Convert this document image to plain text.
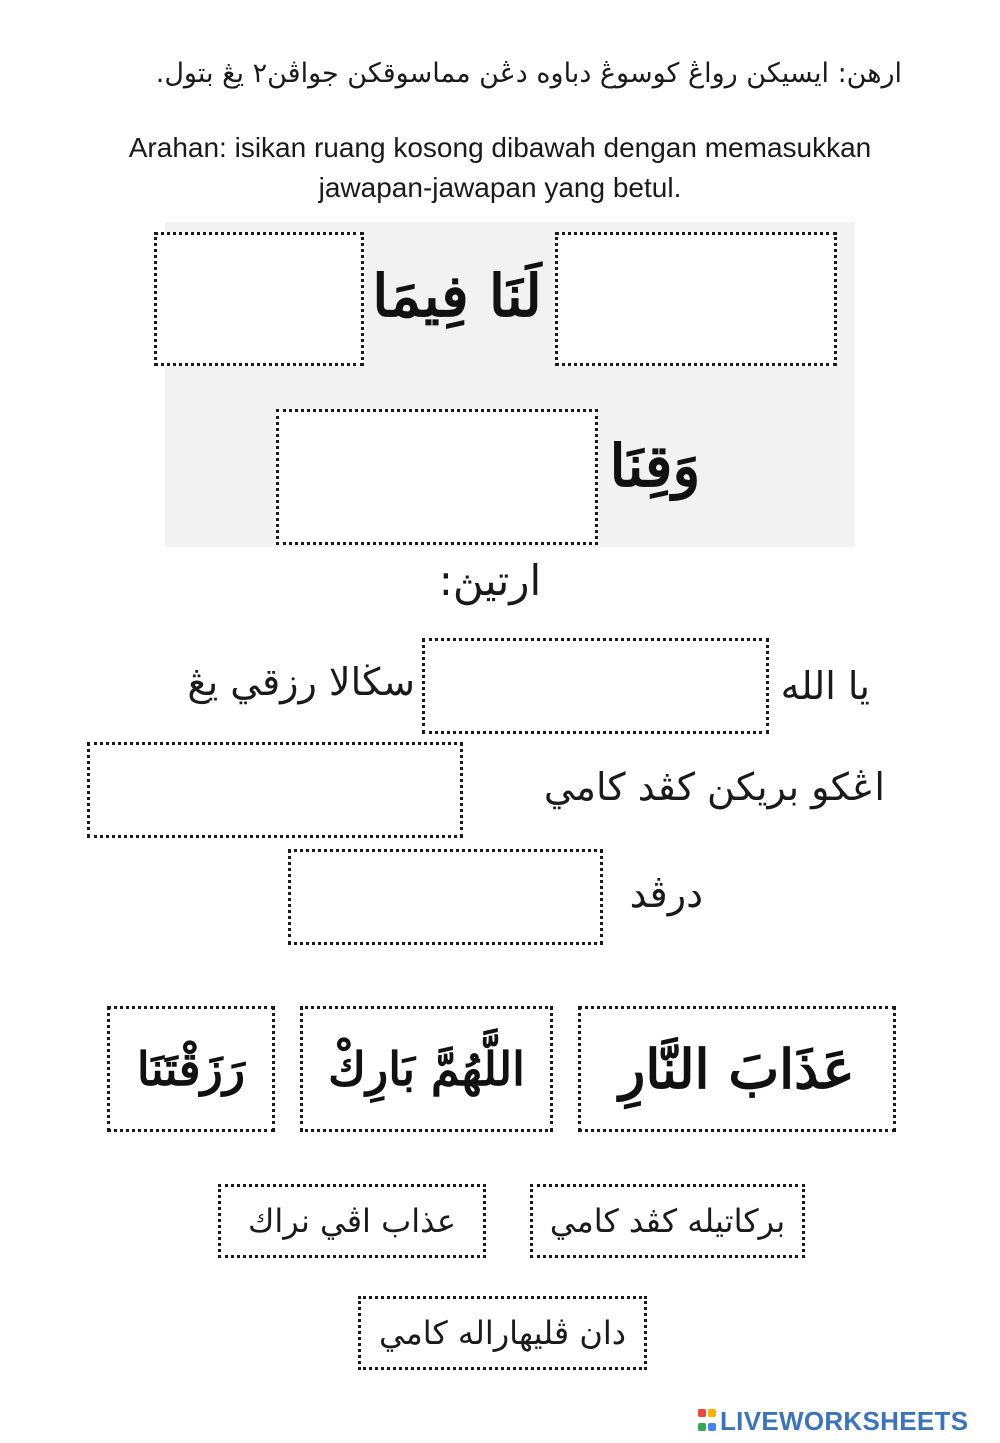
ارهن: ايسيكن رواڠ كوسوڠ دباوه دڠن مماسوقكن جواڤن٢ يڠ بتول.
Arahan: isikan ruang kosong dibawah dengan memasukkan
jawapan-jawapan yang betul.
لَنَا فِيمَا
وَقِنَا
ارتيڽ:
يا الله
سڬالا رزقي يڠ
اڠكو بريكن كڤد كامي
درڤد
عَذَابَ النَّارِ
اللَّهُمَّ بَارِكْ
رَزَقْتَنَا
بركاتيله كڤد كامي
عذاب اڤي نراك
دان ڤليهاراله كامي
LIVEWORKSHEETS
